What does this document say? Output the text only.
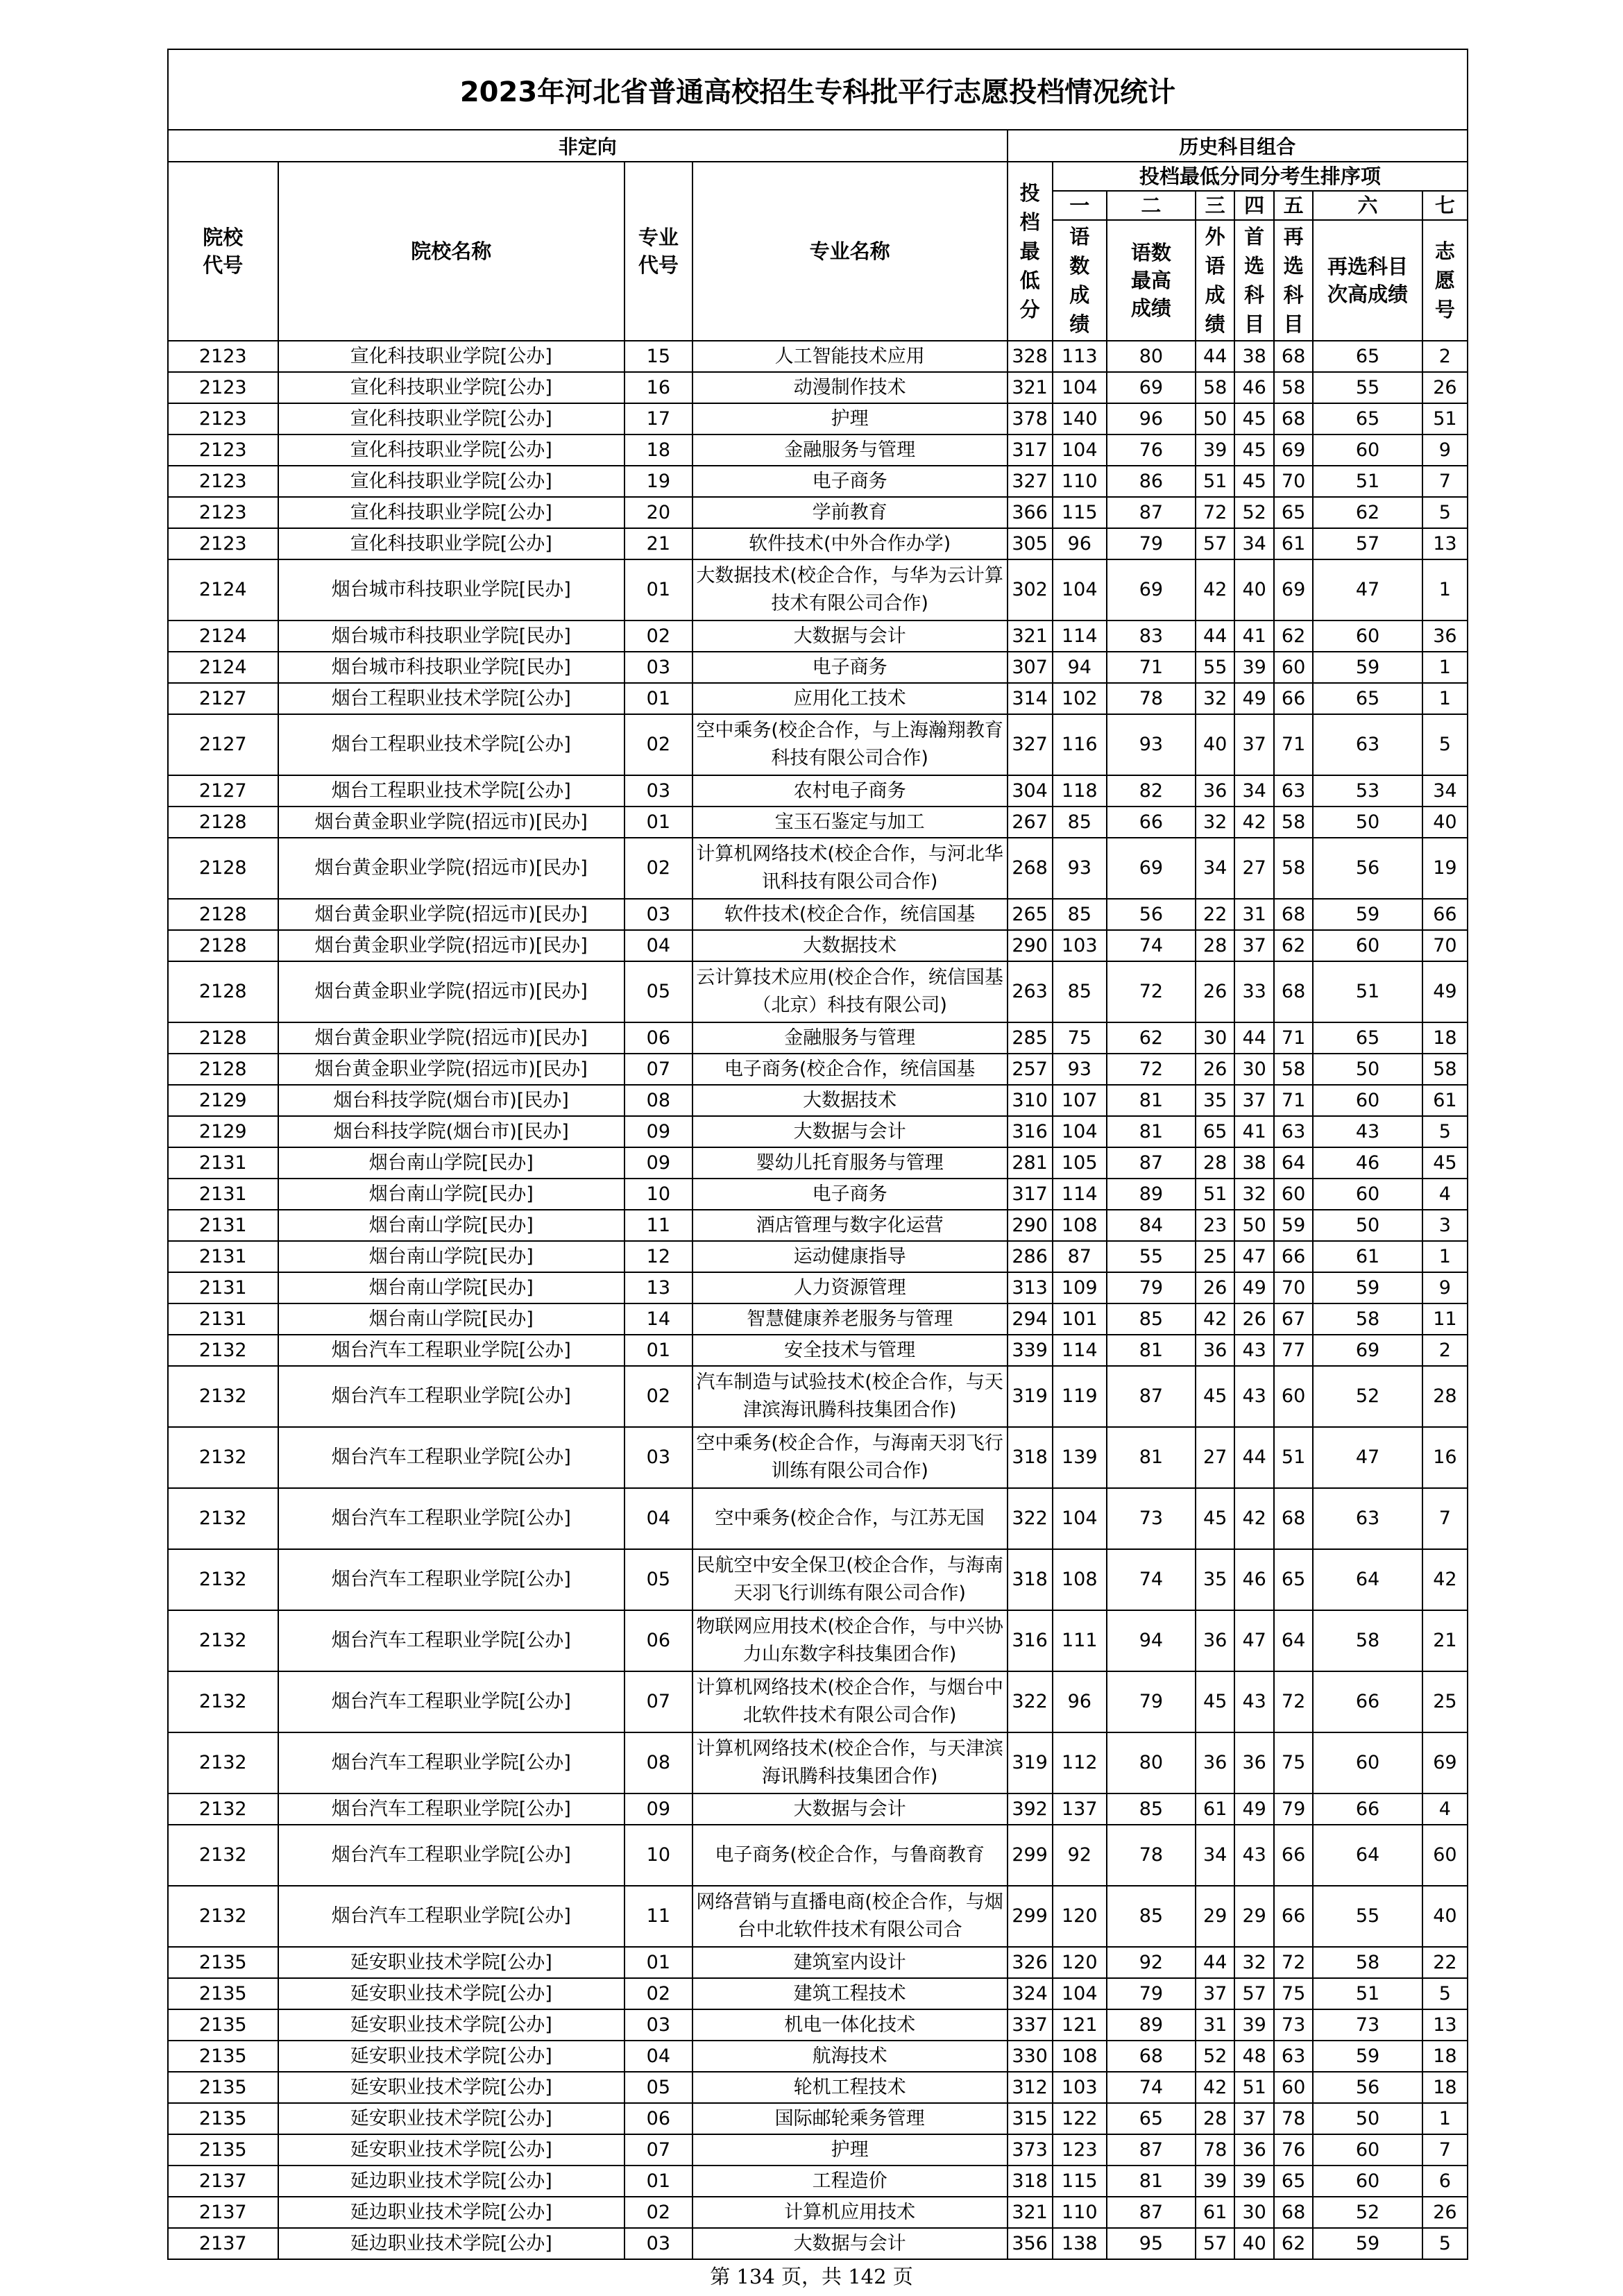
2023年河北省普通高校招生专科批平行志愿投档情况统计											
非定向				历史科目组合							
院校代号	院校名称	专业代号	专业名称	投档最低分	投档最低分同分考生排序项						
					一	二	三	四	五	六	七
					语数成绩	语数最高成绩	外语成绩	首选科目	再选科目	再选科目次高成绩	志愿号
2123	宣化科技职业学院[公办]	15	人工智能技术应用	328	113	80	44	38	68	65	2
2123	宣化科技职业学院[公办]	16	动漫制作技术	321	104	69	58	46	58	55	26
2123	宣化科技职业学院[公办]	17	护理	378	140	96	50	45	68	65	51
2123	宣化科技职业学院[公办]	18	金融服务与管理	317	104	76	39	45	69	60	9
2123	宣化科技职业学院[公办]	19	电子商务	327	110	86	51	45	70	51	7
2123	宣化科技职业学院[公办]	20	学前教育	366	115	87	72	52	65	62	5
2123	宣化科技职业学院[公办]	21	软件技术(中外合作办学)	305	96	79	57	34	61	57	13
2124	烟台城市科技职业学院[民办]	01	大数据技术(校企合作，与华为云计算技术有限公司合作)	302	104	69	42	40	69	47	1
2124	烟台城市科技职业学院[民办]	02	大数据与会计	321	114	83	44	41	62	60	36
2124	烟台城市科技职业学院[民办]	03	电子商务	307	94	71	55	39	60	59	1
2127	烟台工程职业技术学院[公办]	01	应用化工技术	314	102	78	32	49	66	65	1
2127	烟台工程职业技术学院[公办]	02	空中乘务(校企合作，与上海瀚翔教育科技有限公司合作)	327	116	93	40	37	71	63	5
2127	烟台工程职业技术学院[公办]	03	农村电子商务	304	118	82	36	34	63	53	34
2128	烟台黄金职业学院(招远市)[民办]	01	宝玉石鉴定与加工	267	85	66	32	42	58	50	40
2128	烟台黄金职业学院(招远市)[民办]	02	计算机网络技术(校企合作，与河北华讯科技有限公司合作)	268	93	69	34	27	58	56	19
2128	烟台黄金职业学院(招远市)[民办]	03	软件技术(校企合作，统信国基	265	85	56	22	31	68	59	66
2128	烟台黄金职业学院(招远市)[民办]	04	大数据技术	290	103	74	28	37	62	60	70
2128	烟台黄金职业学院(招远市)[民办]	05	云计算技术应用(校企合作，统信国基（北京）科技有限公司)	263	85	72	26	33	68	51	49
2128	烟台黄金职业学院(招远市)[民办]	06	金融服务与管理	285	75	62	30	44	71	65	18
2128	烟台黄金职业学院(招远市)[民办]	07	电子商务(校企合作，统信国基	257	93	72	26	30	58	50	58
2129	烟台科技学院(烟台市)[民办]	08	大数据技术	310	107	81	35	37	71	60	61
2129	烟台科技学院(烟台市)[民办]	09	大数据与会计	316	104	81	65	41	63	43	5
2131	烟台南山学院[民办]	09	婴幼儿托育服务与管理	281	105	87	28	38	64	46	45
2131	烟台南山学院[民办]	10	电子商务	317	114	89	51	32	60	60	4
2131	烟台南山学院[民办]	11	酒店管理与数字化运营	290	108	84	23	50	59	50	3
2131	烟台南山学院[民办]	12	运动健康指导	286	87	55	25	47	66	61	1
2131	烟台南山学院[民办]	13	人力资源管理	313	109	79	26	49	70	59	9
2131	烟台南山学院[民办]	14	智慧健康养老服务与管理	294	101	85	42	26	67	58	11
2132	烟台汽车工程职业学院[公办]	01	安全技术与管理	339	114	81	36	43	77	69	2
2132	烟台汽车工程职业学院[公办]	02	汽车制造与试验技术(校企合作，与天津滨海讯腾科技集团合作)	319	119	87	45	43	60	52	28
2132	烟台汽车工程职业学院[公办]	03	空中乘务(校企合作，与海南天羽飞行训练有限公司合作)	318	139	81	27	44	51	47	16
2132	烟台汽车工程职业学院[公办]	04	空中乘务(校企合作，与江苏无国	322	104	73	45	42	68	63	7
2132	烟台汽车工程职业学院[公办]	05	民航空中安全保卫(校企合作，与海南天羽飞行训练有限公司合作)	318	108	74	35	46	65	64	42
2132	烟台汽车工程职业学院[公办]	06	物联网应用技术(校企合作，与中兴协力山东数字科技集团合作)	316	111	94	36	47	64	58	21
2132	烟台汽车工程职业学院[公办]	07	计算机网络技术(校企合作，与烟台中北软件技术有限公司合作)	322	96	79	45	43	72	66	25
2132	烟台汽车工程职业学院[公办]	08	计算机网络技术(校企合作，与天津滨海讯腾科技集团合作)	319	112	80	36	36	75	60	69
2132	烟台汽车工程职业学院[公办]	09	大数据与会计	392	137	85	61	49	79	66	4
2132	烟台汽车工程职业学院[公办]	10	电子商务(校企合作，与鲁商教育	299	92	78	34	43	66	64	60
2132	烟台汽车工程职业学院[公办]	11	网络营销与直播电商(校企合作，与烟台中北软件技术有限公司合	299	120	85	29	29	66	55	40
2135	延安职业技术学院[公办]	01	建筑室内设计	326	120	92	44	32	72	58	22
2135	延安职业技术学院[公办]	02	建筑工程技术	324	104	79	37	57	75	51	5
2135	延安职业技术学院[公办]	03	机电一体化技术	337	121	89	31	39	73	73	13
2135	延安职业技术学院[公办]	04	航海技术	330	108	68	52	48	63	59	18
2135	延安职业技术学院[公办]	05	轮机工程技术	312	103	74	42	51	60	56	18
2135	延安职业技术学院[公办]	06	国际邮轮乘务管理	315	122	65	28	37	78	50	1
2135	延安职业技术学院[公办]	07	护理	373	123	87	78	36	76	60	7
2137	延边职业技术学院[公办]	01	工程造价	318	115	81	39	39	65	60	6
2137	延边职业技术学院[公办]	02	计算机应用技术	321	110	87	61	30	68	52	26
2137	延边职业技术学院[公办]	03	大数据与会计	356	138	95	57	40	62	59	5
第 134 页，共 142 页
